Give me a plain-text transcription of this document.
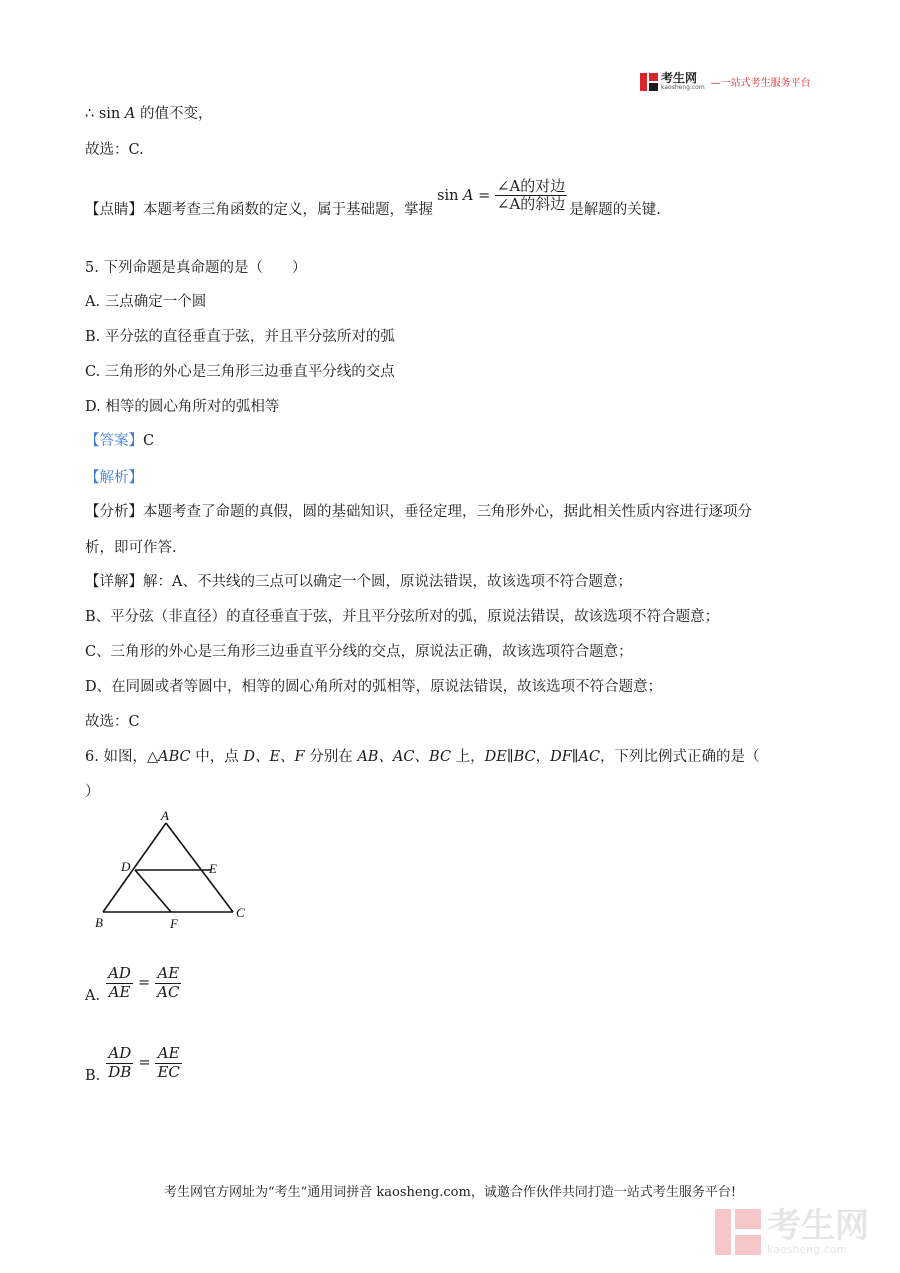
考生网
kaosheng.com —一站式考生服务平台
∴ sin A 的值不变，
故选：C.
【点睛】 本题考查三角函数的定义，属于基础题，掌握
sin
A
=
$\frac{\text{∠A的对边}}{\text{∠A的斜边}}$ 是解题的关键.
5. 下列命题是真命题的是（　　）
A. 三点确定一个圆
B. 平分弦的直径垂直于弦，并且平分弦所对的弧
C. 三角形的外心是三角形三边垂直平分线的交点
D. 相等的圆心角所对的弧相等
【答案】C
【解析】
【分析】本题考查了命题的真假，圆的基础知识，垂径定理，三角形外心，据此相关性质内容进行逐项分
析，即可作答.
【详解】解：A、不共线的三点可以确定一个圆，原说法错误，故该选项不符合题意；
B、平分弦（非直径）的直径垂直于弦，并且平分弦所对的弧，原说法错误，故该选项不符合题意；
C、三角形的外心是三角形三边垂直平分线的交点，原说法正确，故该选项符合题意；
D、在同圆或者等圆中，相等的圆心角所对的弧相等，原说法错误，故该选项不符合题意；
故选：C
6. 如图，△ABC 中，点 D、E、F 分别在 AB、AC、BC 上，DE∥BC，DF∥AC，下列比例式正确的是（
）
A
D	E
B	F
C
A. $\frac{AD}{AE} = \frac{AE}{AC}$
B. $\frac{AD}{DB} = \frac{AE}{EC}$
考生网官方网址为“考生”通用词拼音 kaosheng.com，诚邀合作伙伴共同打造一站式考生服务平台!
考生网
kaosheng.com
